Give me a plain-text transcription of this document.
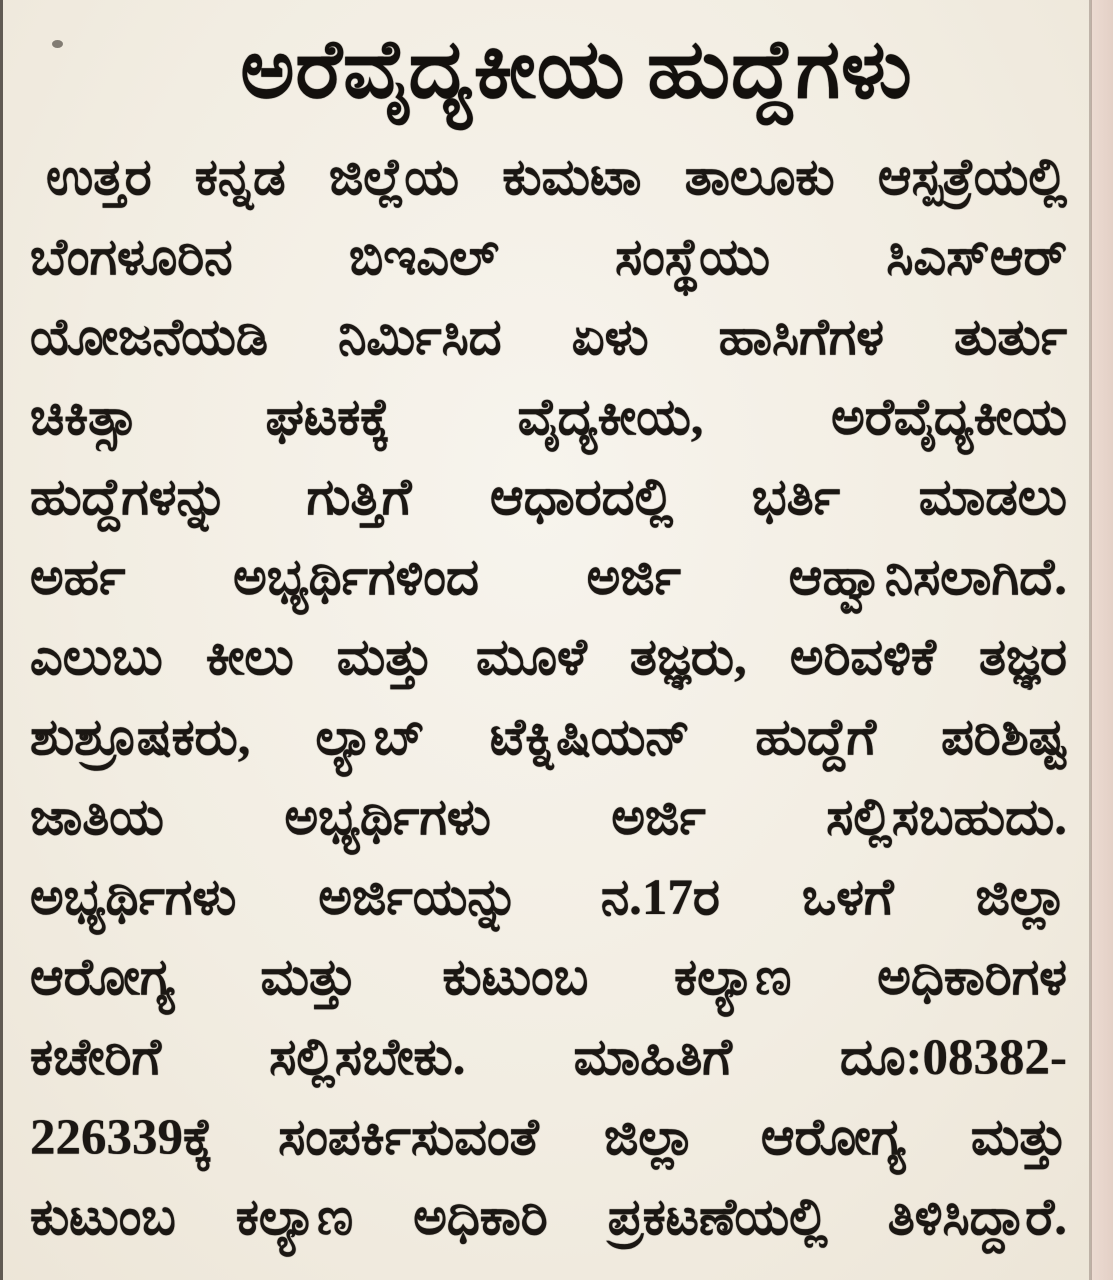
ಅರೆವೈದ್ಯಕೀಯ ಹುದ್ದೆಗಳು
ಉತ್ತರ ಕನ್ನಡ ಜಿಲ್ಲೆಯ ಕುಮಟಾ ತಾಲೂಕು ಆಸ್ಪತ್ರೆಯಲ್ಲಿ
ಬೆಂಗಳೂರಿನ ಬಿಇಎಲ್ ಸಂಸ್ಥೆಯು ಸಿಎಸ್‌ಆರ್
ಯೋಜನೆಯಡಿ ನಿರ್ಮಿಸಿದ ಏಳು ಹಾಸಿಗೆಗಳ ತುರ್ತು
ಚಿಕಿತ್ಸಾ ಘಟಕಕ್ಕೆ ವೈದ್ಯಕೀಯ, ಅರೆವೈದ್ಯಕೀಯ
ಹುದ್ದೆಗಳನ್ನು ಗುತ್ತಿಗೆ ಆಧಾರದಲ್ಲಿ ಭರ್ತಿ ಮಾಡಲು
ಅರ್ಹ ಅಭ್ಯರ್ಥಿಗಳಿಂದ ಅರ್ಜಿ ಆಹ್ವಾನಿಸಲಾಗಿದೆ.
ಎಲುಬು ಕೀಲು ಮತ್ತು ಮೂಳೆ ತಜ್ಞರು, ಅರಿವಳಿಕೆ ತಜ್ಞರ
ಶುಶ್ರೂಷಕರು, ಲ್ಯಾಬ್ ಟೆಕ್ನಿಷಿಯನ್ ಹುದ್ದೆಗೆ ಪರಿಶಿಷ್ಟ
ಜಾತಿಯ ಅಭ್ಯರ್ಥಿಗಳು ಅರ್ಜಿ ಸಲ್ಲಿಸಬಹುದು.
ಅಭ್ಯರ್ಥಿಗಳು ಅರ್ಜಿಯನ್ನು ನ.17ರ ಒಳಗೆ ಜಿಲ್ಲಾ
ಆರೋಗ್ಯ ಮತ್ತು ಕುಟುಂಬ ಕಲ್ಯಾಣ ಅಧಿಕಾರಿಗಳ
ಕಚೇರಿಗೆ ಸಲ್ಲಿಸಬೇಕು. ಮಾಹಿತಿಗೆ ದೂ:08382-
226339ಕ್ಕೆ ಸಂಪರ್ಕಿಸುವಂತೆ ಜಿಲ್ಲಾ ಆರೋಗ್ಯ ಮತ್ತು
ಕುಟುಂಬ ಕಲ್ಯಾಣ ಅಧಿಕಾರಿ ಪ್ರಕಟಣೆಯಲ್ಲಿ ತಿಳಿಸಿದ್ದಾರೆ.
